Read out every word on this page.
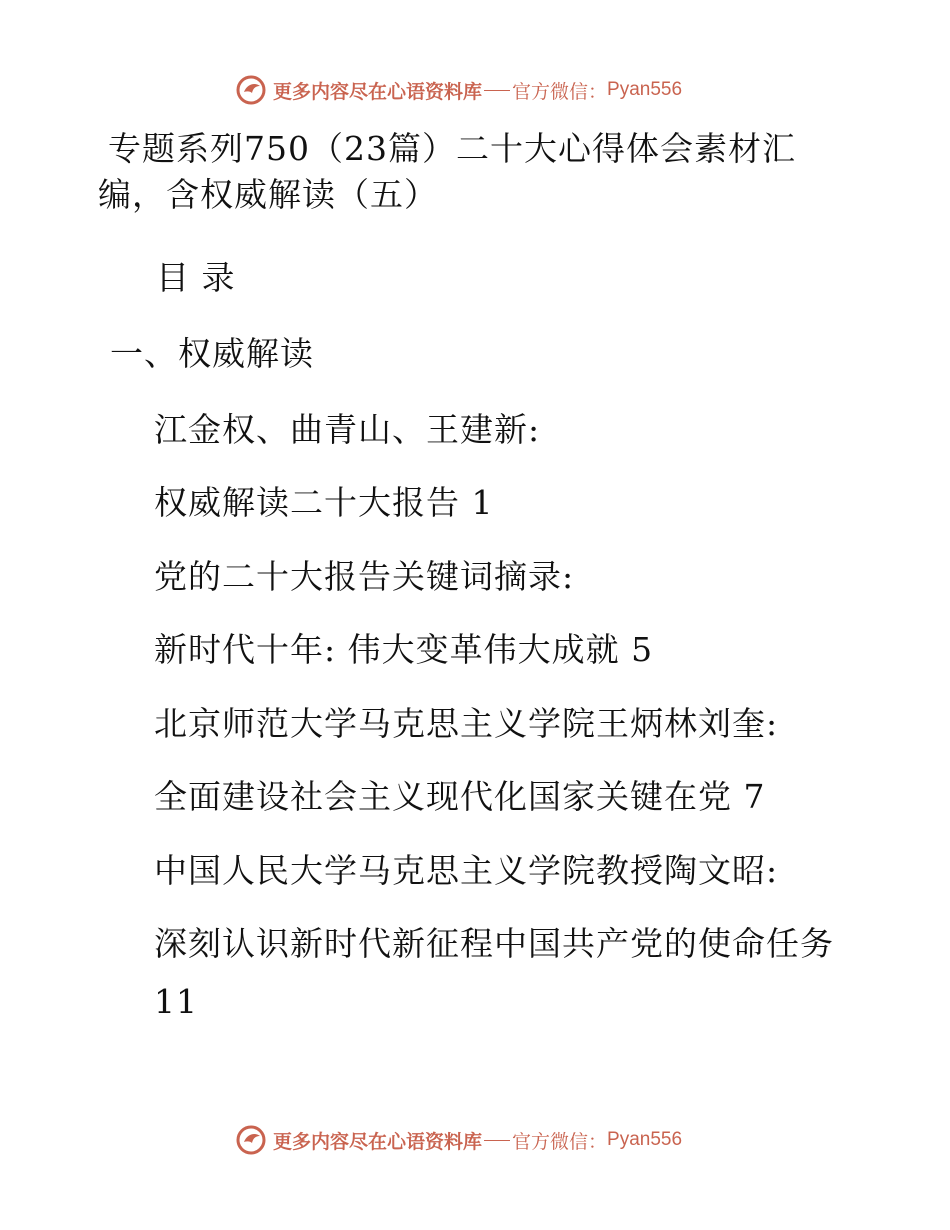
更多内容尽在心语资料库 官方微信： Pyan556
专题系列750（23篇）二十大心得体会素材汇编，含权威解读（五）
目 录
一、权威解读
江金权、曲青山、王建新:
权威解读二十大报告 1
党的二十大报告关键词摘录:
新时代十年: 伟大变革伟大成就 5
北京师范大学马克思主义学院王炳林刘奎:
全面建设社会主义现代化国家关键在党 7
中国人民大学马克思主义学院教授陶文昭:
深刻认识新时代新征程中国共产党的使命任务
11
更多内容尽在心语资料库 官方微信： Pyan556
